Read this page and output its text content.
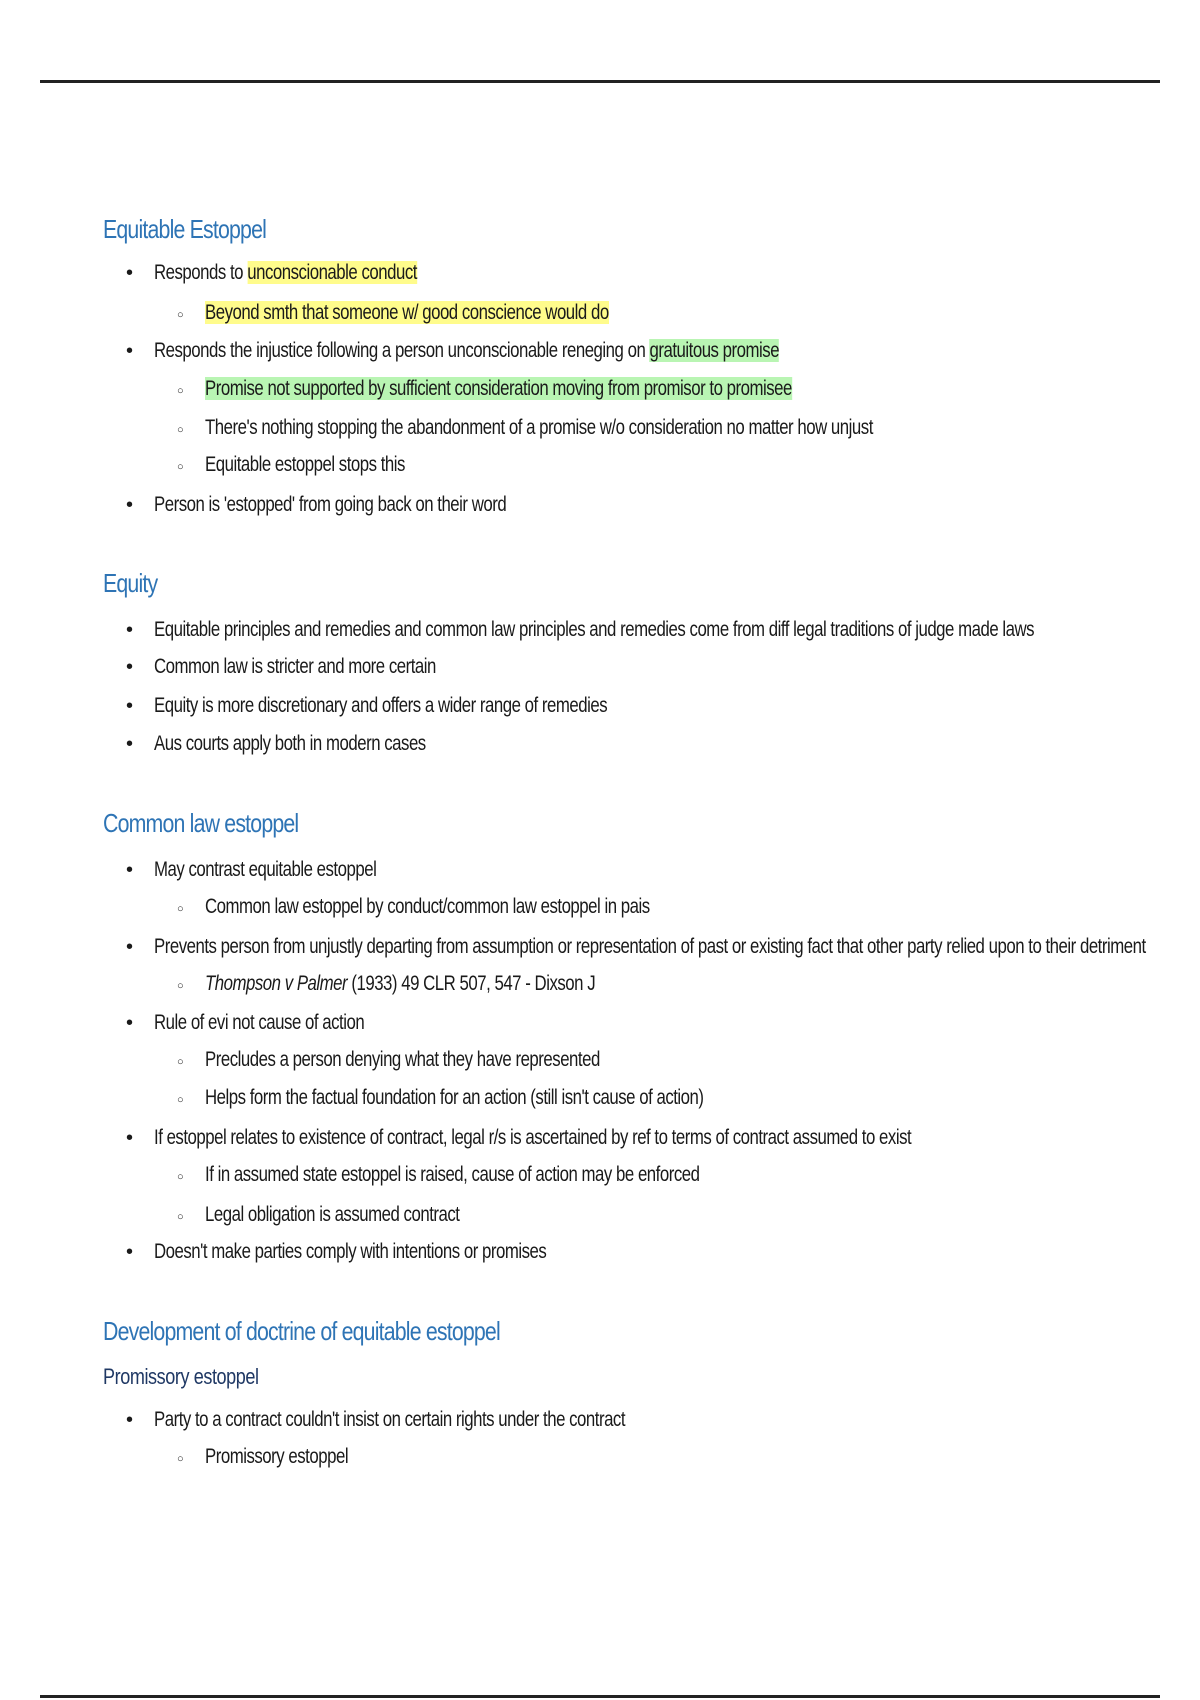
Equitable Estoppel
•
Responds to unconscionable conduct
○
Beyond smth that someone w/ good conscience would do
•
Responds the injustice following a person unconscionable reneging on gratuitous promise
○
Promise not supported by sufficient consideration moving from promisor to promisee
○
There's nothing stopping the abandonment of a promise w/o consideration no matter how unjust
○
Equitable estoppel stops this
•
Person is 'estopped' from going back on their word
Equity
•
Equitable principles and remedies and common law principles and remedies come from diff legal traditions of judge made laws
•
Common law is stricter and more certain
•
Equity is more discretionary and offers a wider range of remedies
•
Aus courts apply both in modern cases
Common law estoppel
•
May contrast equitable estoppel
○
Common law estoppel by conduct/common law estoppel in pais
•
Prevents person from unjustly departing from assumption or representation of past or existing fact that other party relied upon to their detriment
○
Thompson v Palmer (1933) 49 CLR 507, 547 - Dixson J
•
Rule of evi not cause of action
○
Precludes a person denying what they have represented
○
Helps form the factual foundation for an action (still isn't cause of action)
•
If estoppel relates to existence of contract, legal r/s is ascertained by ref to terms of contract assumed to exist
○
If in assumed state estoppel is raised, cause of action may be enforced
○
Legal obligation is assumed contract
•
Doesn't make parties comply with intentions or promises
Development of doctrine of equitable estoppel
Promissory estoppel
•
Party to a contract couldn't insist on certain rights under the contract
○
Promissory estoppel
